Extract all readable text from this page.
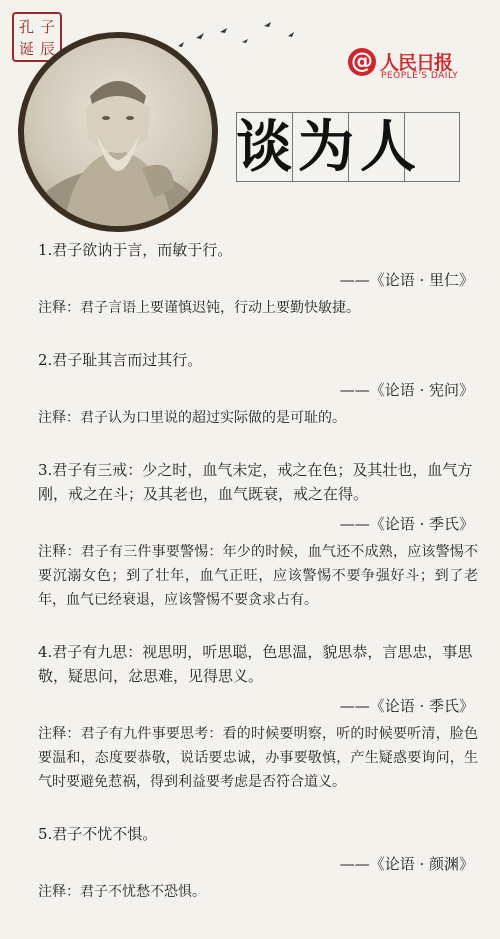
孔 子
诞 辰	@ 人民日报
PEOPLE'S DAILY
谈为人

1.君子欲讷于言，而敏于行。

——《论语 · 里仁》

注释：君子言语上要谨慎迟钝，行动上要勤快敏捷。

2.君子耻其言而过其行。

——《论语 · 宪问》

注释：君子认为口里说的超过实际做的是可耻的。

3.君子有三戒：少之时，血气未定，戒之在色；及其壮也，血气方刚，戒之在斗；及其老也，血气既衰，戒之在得。

——《论语 · 季氏》

注释：君子有三件事要警惕：年少的时候，血气还不成熟，应该警惕不要沉溺女色；到了壮年，血气正旺，应该警惕不要争强好斗；到了老年，血气已经衰退，应该警惕不要贪求占有。

4.君子有九思：视思明，听思聪，色思温，貌思恭，言思忠，事思敬，疑思问，忿思难，见得思义。

——《论语 · 季氏》

注释：君子有九件事要思考：看的时候要明察，听的时候要听清，脸色要温和，态度要恭敬，说话要忠诚，办事要敬慎，产生疑惑要询问，生气时要避免惹祸，得到利益要考虑是否符合道义。

5.君子不忧不惧。

——《论语 · 颜渊》

注释：君子不忧愁不恐惧。
